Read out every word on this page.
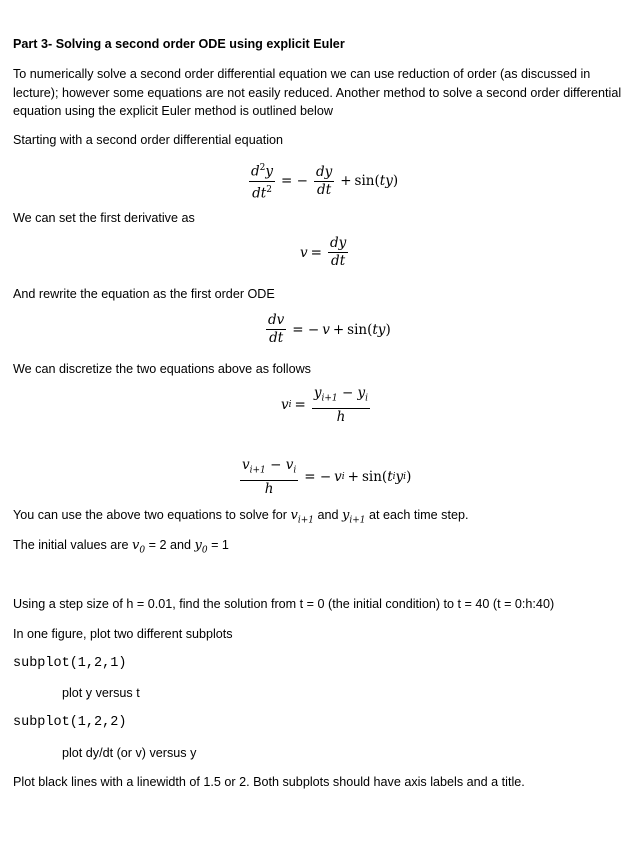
Part 3- Solving a second order ODE using explicit Euler
To numerically solve a second order differential equation we can use reduction of order (as discussed in lecture); however some equations are not easily reduced. Another method to solve a second order differential equation using the explicit Euler method is outlined below
Starting with a second order differential equation
$\frac{d^2y}{dt^2}$ = − $\frac{dy}{dt} + \sin$( ty )
We can set the first derivative as
$v = \frac{dy}{dt}$
And rewrite the equation as the first order ODE
$\frac{dv}{dt}$ = − v + sin( ty )
We can discretize the two equations above as follows
v $i = \frac{y_{i+1} - y_i}{h}$
$\frac{v_{i+1} - v_i}{h}$ = − v i + sin( t i y i )
You can use the above two equations to solve for $v_{i+1}$ and $y_{i+1}$ at each time step.
The initial values are $v_0 = 2$ and $y_0 = 1$
Using a step size of h = 0.01, find the solution from t = 0 (the initial condition) to t = 40 (t = 0:h:40)
In one figure, plot two different subplots
subplot(1,2,1)
plot y versus t
subplot(1,2,2)
plot dy/dt (or v) versus y
Plot black lines with a linewidth of 1.5 or 2. Both subplots should have axis labels and a title.
